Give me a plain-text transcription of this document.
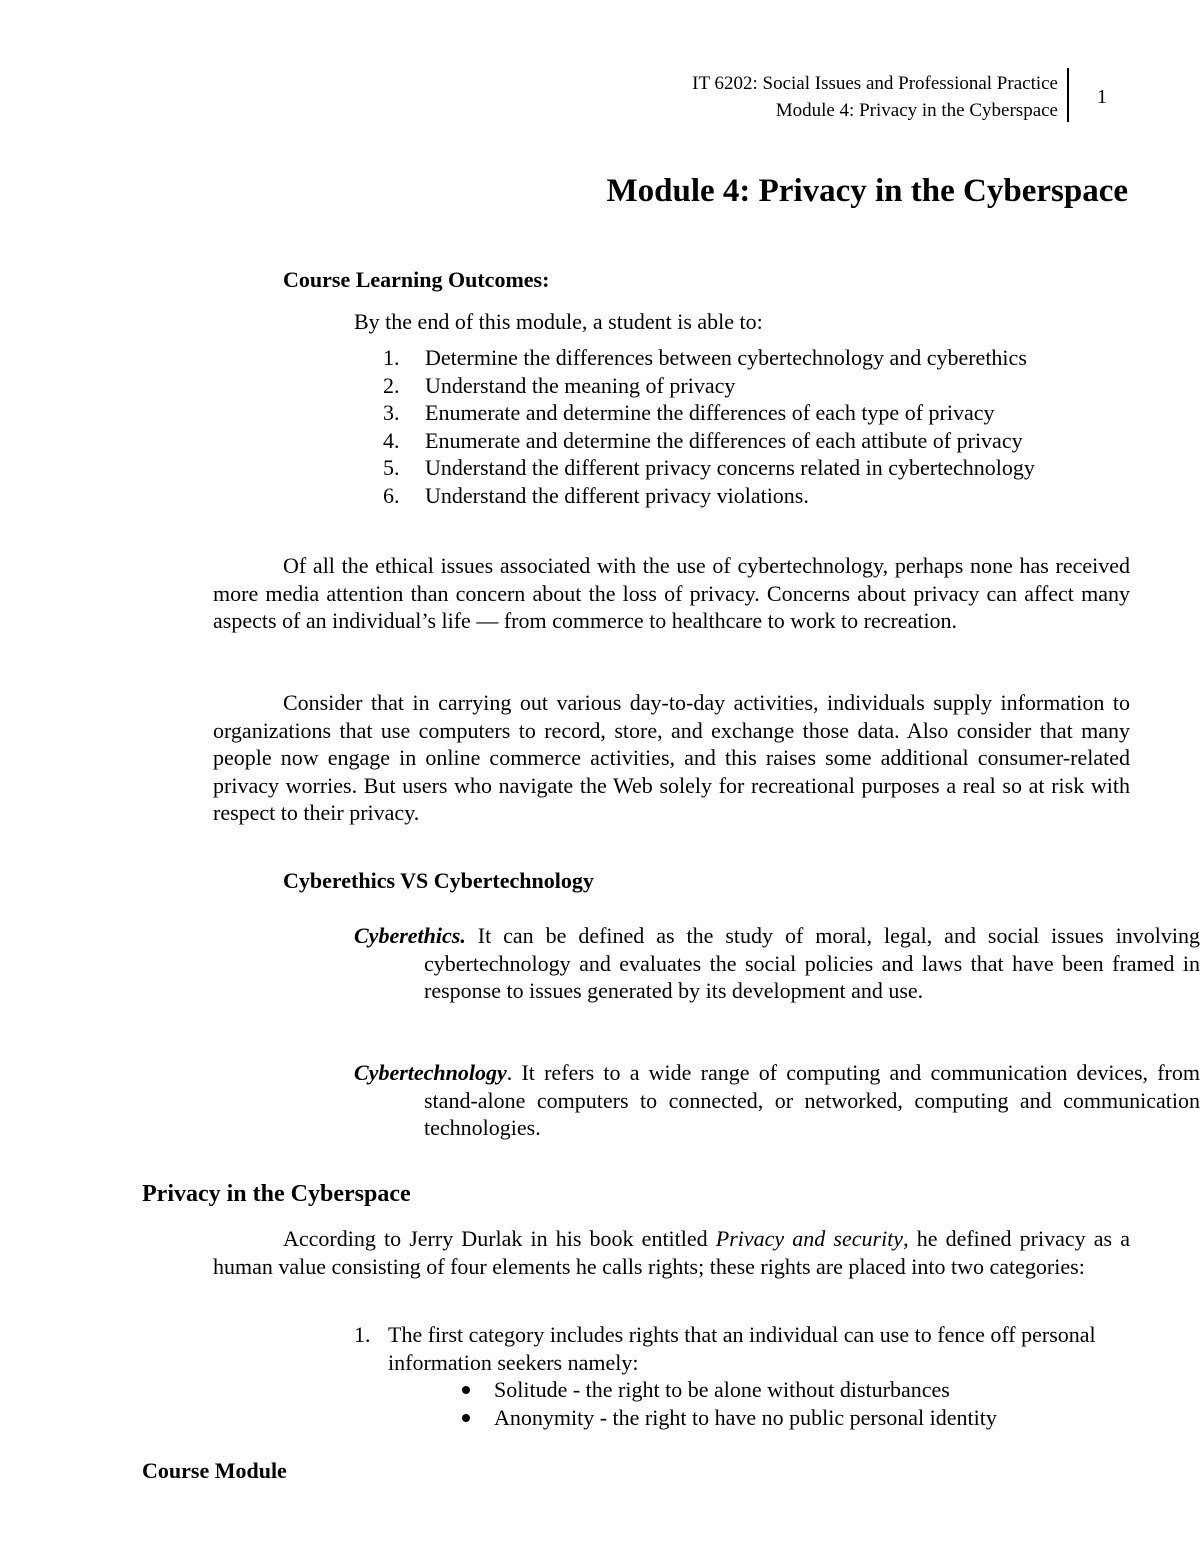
IT 6202: Social Issues and Professional Practice
Module 4: Privacy in the Cyberspace
1
Module 4: Privacy in the Cyberspace
Course Learning Outcomes:
By the end of this module, a student is able to:
1. Determine the differences between cybertechnology and cyberethics
2. Understand the meaning of privacy
3. Enumerate and determine the differences of each type of privacy
4. Enumerate and determine the differences of each attibute of privacy
5. Understand the different privacy concerns related in cybertechnology
6. Understand the different privacy violations.
Of all the ethical issues associated with the use of cybertechnology, perhaps none has received more media attention than concern about the loss of privacy. Concerns about privacy can affect many aspects of an individual’s life — from commerce to healthcare to work to recreation.
Consider that in carrying out various day-to-day activities, individuals supply information to organizations that use computers to record, store, and exchange those data. Also consider that many people now engage in online commerce activities, and this raises some additional consumer-related privacy worries. But users who navigate the Web solely for recreational purposes a real so at risk with respect to their privacy.
Cyberethics VS Cybertechnology
Cyberethics. It can be defined as the study of moral, legal, and social issues involving cybertechnology and evaluates the social policies and laws that have been framed in response to issues generated by its development and use.
Cybertechnology. It refers to a wide range of computing and communication devices, from stand-alone computers to connected, or networked, computing and communication technologies.
Privacy in the Cyberspace
According to Jerry Durlak in his book entitled Privacy and security, he defined privacy as a human value consisting of four elements he calls rights; these rights are placed into two categories:
1. The first category includes rights that an individual can use to fence off personal information seekers namely:
Solitude - the right to be alone without disturbances
Anonymity - the right to have no public personal identity
Course Module
